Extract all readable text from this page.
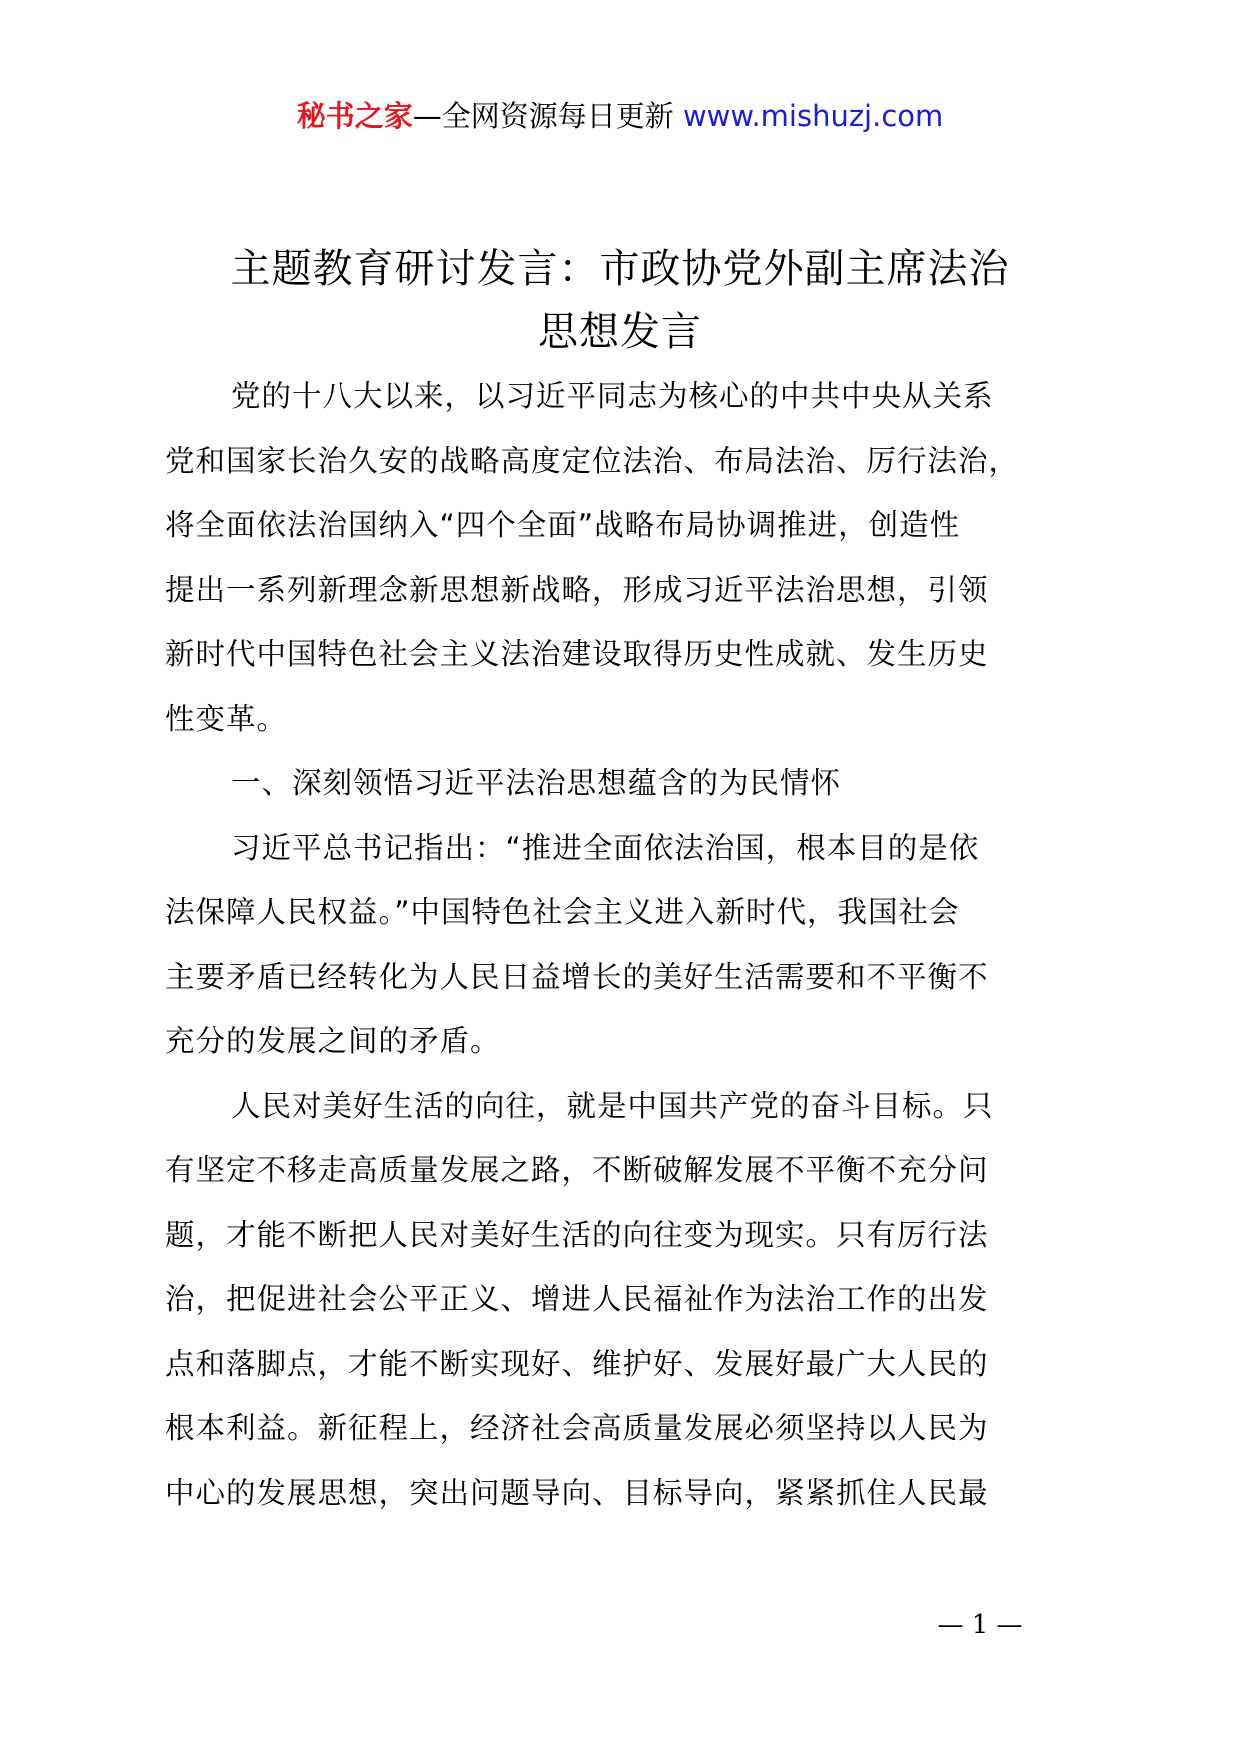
秘书之家—全网资源每日更新 www.mishuzj.com
主题教育研讨发言：市政协党外副主席法治
思想发言
党的十八大以来，以习近平同志为核心的中共中央从关系
党和国家长治久安的战略高度定位法治、布局法治、厉行法治，
将全面依法治国纳入“四个全面”战略布局协调推进，创造性
提出一系列新理念新思想新战略，形成习近平法治思想，引领
新时代中国特色社会主义法治建设取得历史性成就、发生历史
性变革。
一、深刻领悟习近平法治思想蕴含的为民情怀
习近平总书记指出：“推进全面依法治国，根本目的是依
法保障人民权益。”中国特色社会主义进入新时代，我国社会
主要矛盾已经转化为人民日益增长的美好生活需要和不平衡不
充分的发展之间的矛盾。
人民对美好生活的向往，就是中国共产党的奋斗目标。只
有坚定不移走高质量发展之路，不断破解发展不平衡不充分问
题，才能不断把人民对美好生活的向往变为现实。只有厉行法
治，把促进社会公平正义、增进人民福祉作为法治工作的出发
点和落脚点，才能不断实现好、维护好、发展好最广大人民的
根本利益。新征程上，经济社会高质量发展必须坚持以人民为
中心的发展思想，突出问题导向、目标导向，紧紧抓住人民最
— 1 —
